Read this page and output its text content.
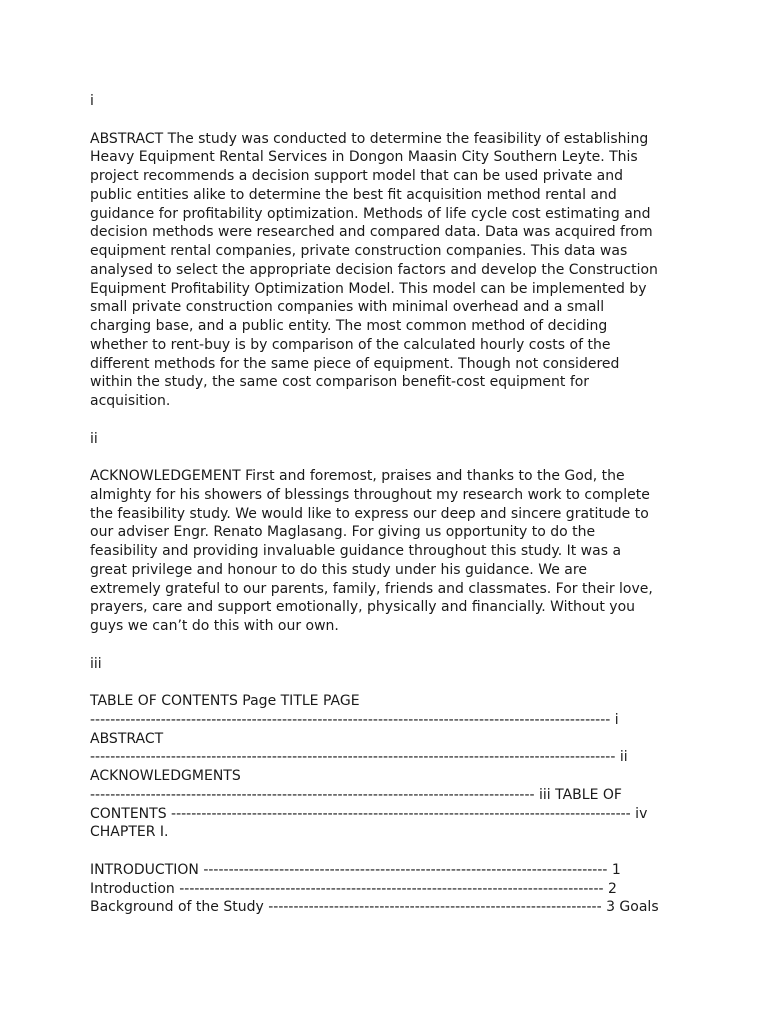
i
ABSTRACT The study was conducted to determine the feasibility of establishing
Heavy Equipment Rental Services in Dongon Maasin City Southern Leyte. This
project recommends a decision support model that can be used private and
public entities alike to determine the best fit acquisition method rental and
guidance for profitability optimization. Methods of life cycle cost estimating and
decision methods were researched and compared data. Data was acquired from
equipment rental companies, private construction companies. This data was
analysed to select the appropriate decision factors and develop the Construction
Equipment Profitability Optimization Model. This model can be implemented by
small private construction companies with minimal overhead and a small
charging base, and a public entity. The most common method of deciding
whether to rent-buy is by comparison of the calculated hourly costs of the
different methods for the same piece of equipment. Though not considered
within the study, the same cost comparison benefit-cost equipment for
acquisition.
ii
ACKNOWLEDGEMENT First and foremost, praises and thanks to the God, the
almighty for his showers of blessings throughout my research work to complete
the feasibility study. We would like to express our deep and sincere gratitude to
our adviser Engr. Renato Maglasang. For giving us opportunity to do the
feasibility and providing invaluable guidance throughout this study. It was a
great privilege and honour to do this study under his guidance. We are
extremely grateful to our parents, family, friends and classmates. For their love,
prayers, care and support emotionally, physically and financially. Without you
guys we can’t do this with our own.
iii
TABLE OF CONTENTS Page TITLE PAGE
------------------------------------------------------------------------------------------------------- i
ABSTRACT
-------------------------------------------------------------------------------------------------------- ii
ACKNOWLEDGMENTS
---------------------------------------------------------------------------------------- iii TABLE OF
CONTENTS ------------------------------------------------------------------------------------------- iv
CHAPTER I.
INTRODUCTION -------------------------------------------------------------------------------- 1
Introduction ------------------------------------------------------------------------------------ 2
Background of the Study ------------------------------------------------------------------ 3 Goals
